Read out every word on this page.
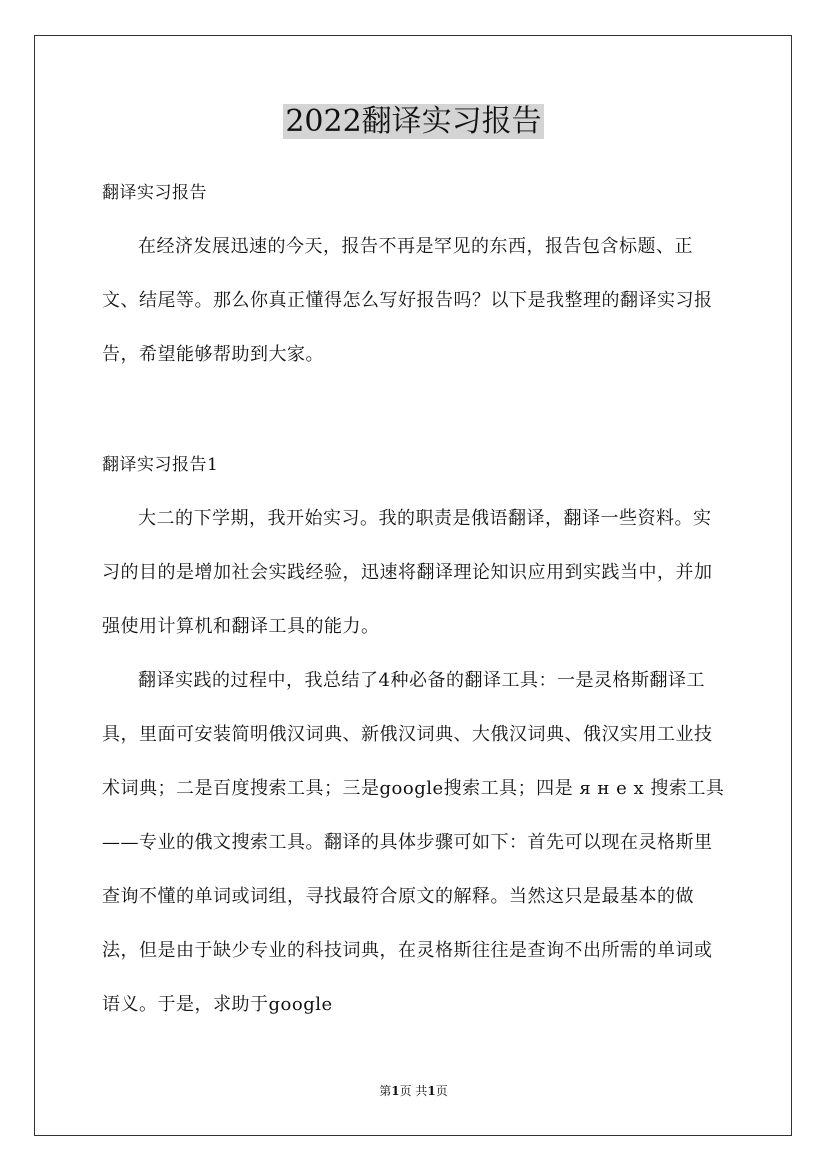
2022翻译实习报告

翻译实习报告

在经济发展迅速的今天，报告不再是罕见的东西，报告包含标题、正文、结尾等。那么你真正懂得怎么写好报告吗？以下是我整理的翻译实习报告，希望能够帮助到大家。

翻译实习报告1

大二的下学期，我开始实习。我的职责是俄语翻译，翻译一些资料。实习的目的是增加社会实践经验，迅速将翻译理论知识应用到实践当中，并加强使用计算机和翻译工具的能力。

翻译实践的过程中，我总结了4种必备的翻译工具：一是灵格斯翻译工具，里面可安装简明俄汉词典、新俄汉词典、大俄汉词典、俄汉实用工业技术词典；二是百度搜索工具；三是google搜索工具；四是 я н е х 搜索工具——专业的俄文搜索工具。翻译的具体步骤可如下：首先可以现在灵格斯里查询不懂的单词或词组，寻找最符合原文的解释。当然这只是最基本的做法，但是由于缺少专业的科技词典，在灵格斯往往是查询不出所需的单词或语义。于是，求助于google

第1页 共1页
